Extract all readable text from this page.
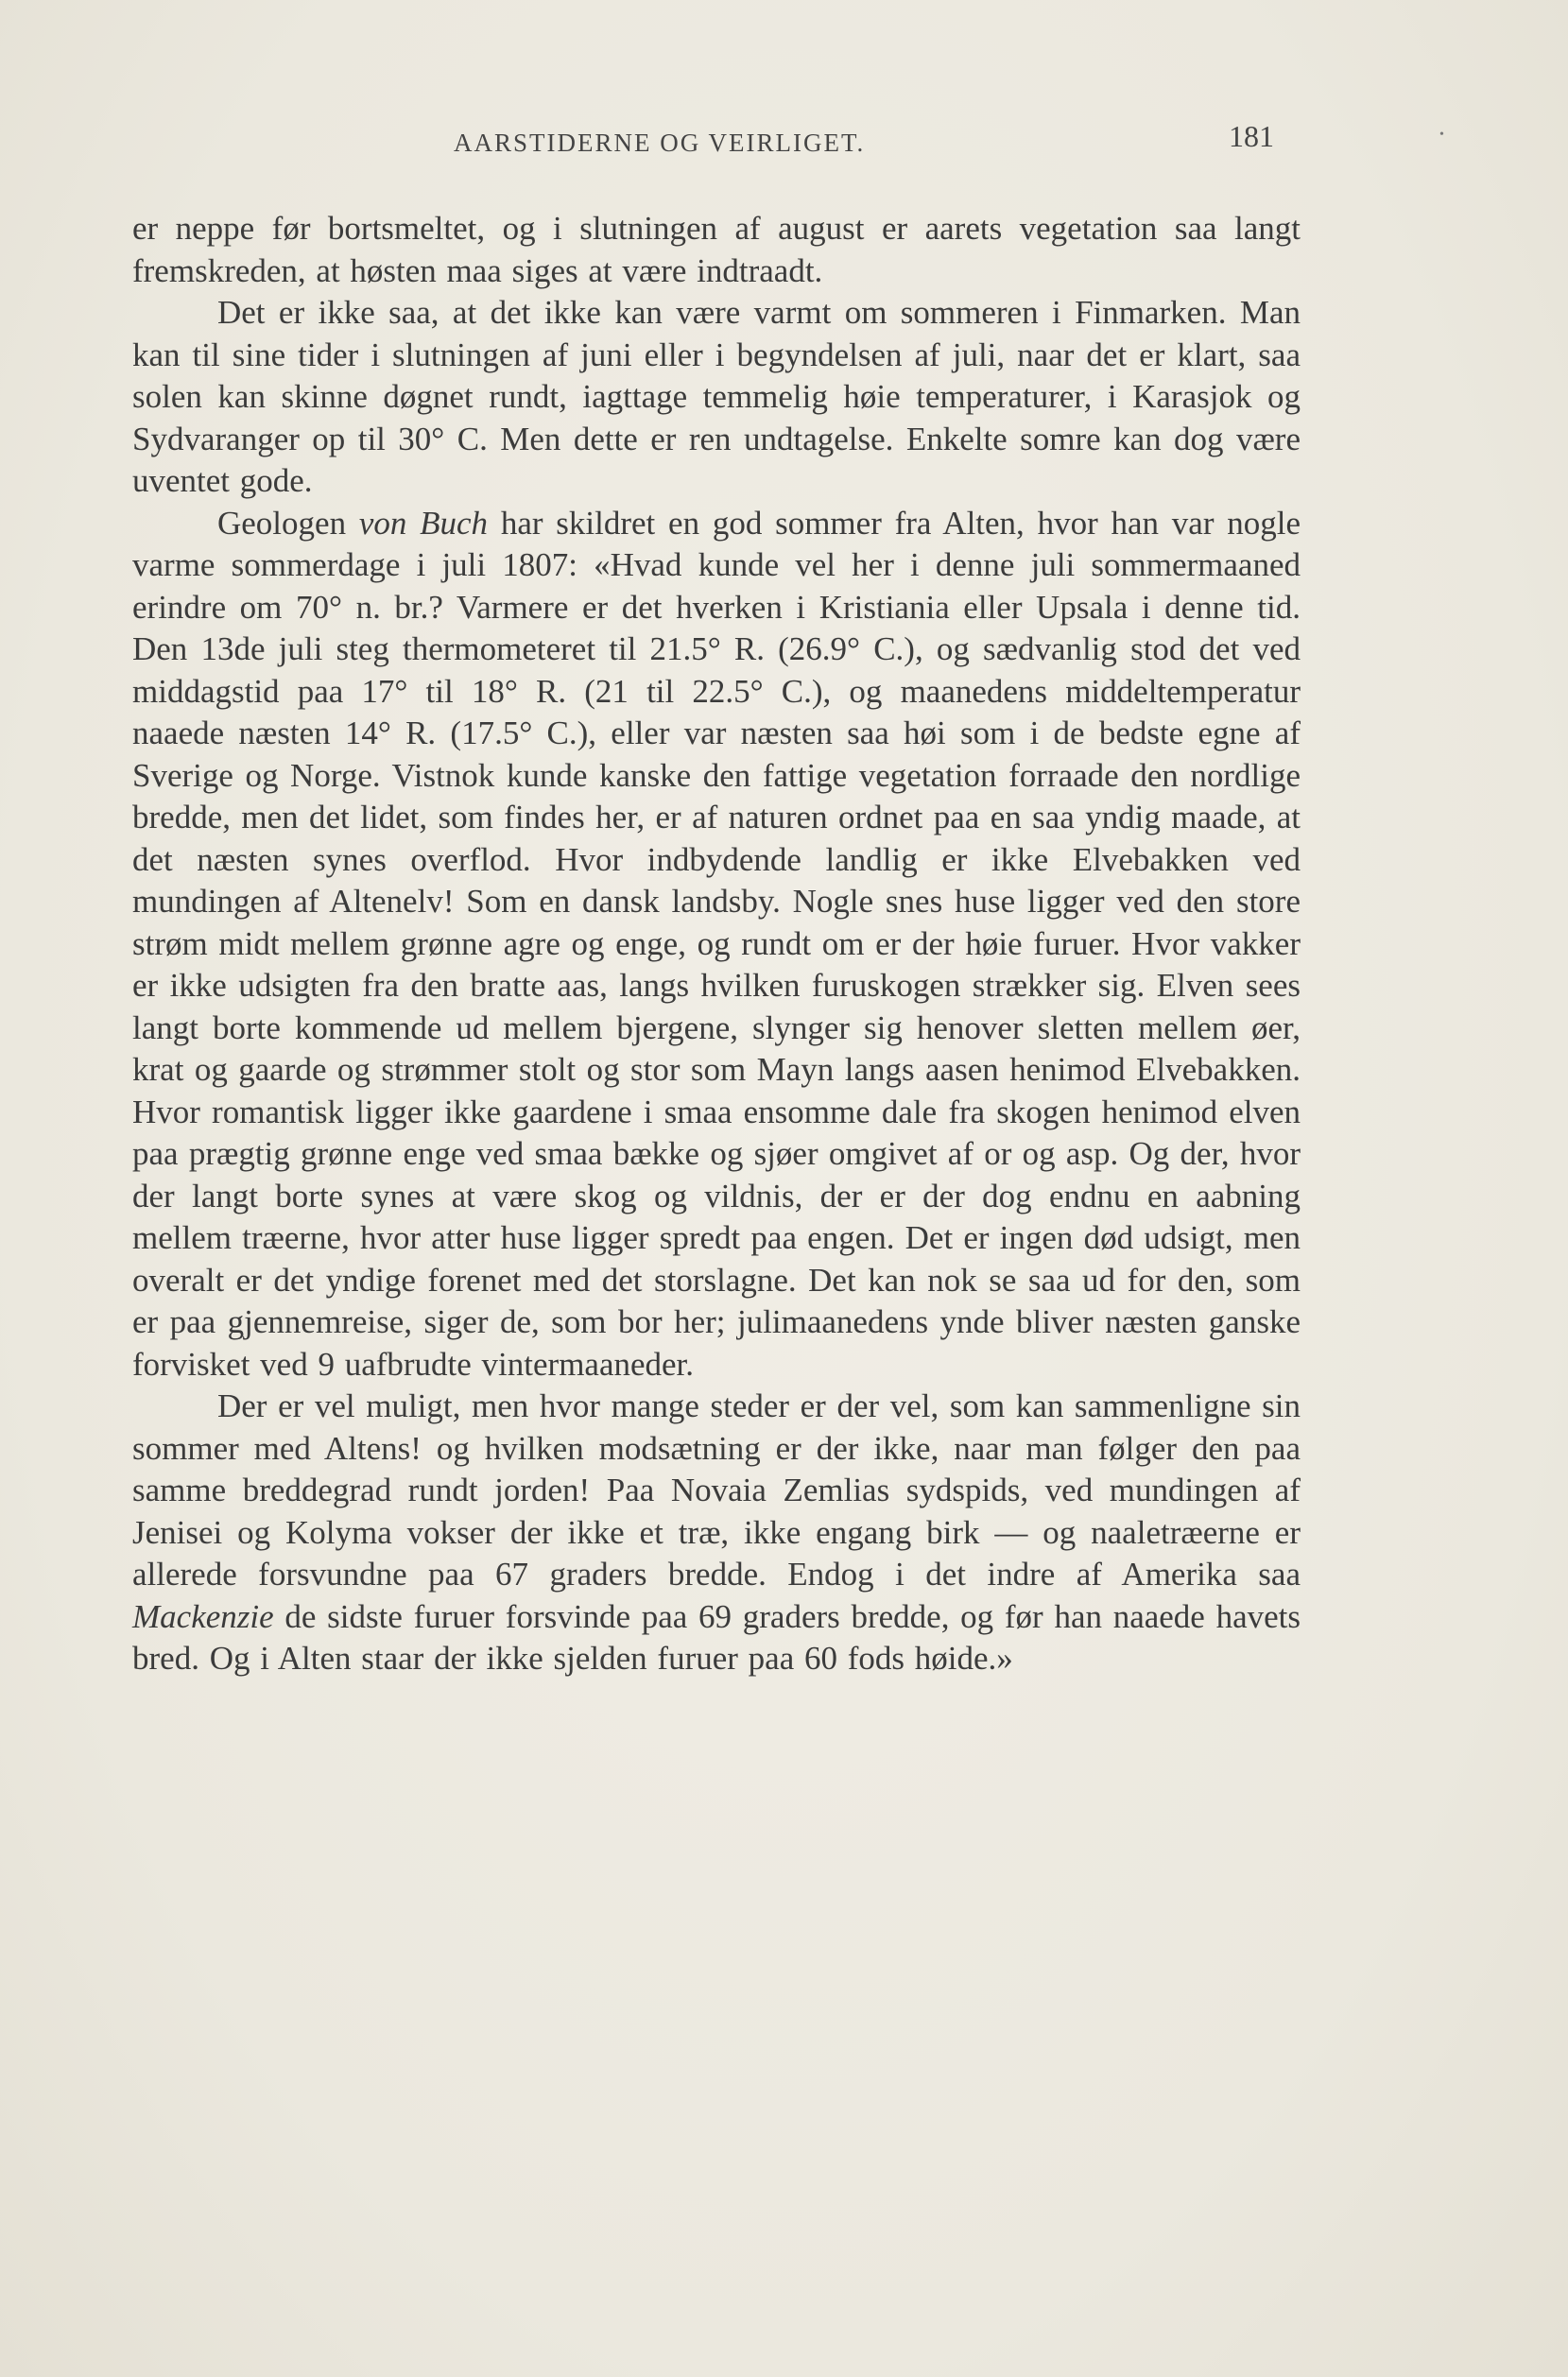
AARSTIDERNE OG VEIRLIGET.	181	•

er neppe før bortsmeltet, og i slutningen af august er aarets vegetation saa langt fremskreden, at høsten maa siges at være indtraadt.

Det er ikke saa, at det ikke kan være varmt om sommeren i Finmarken. Man kan til sine tider i slutningen af juni eller i begyndelsen af juli, naar det er klart, saa solen kan skinne døgnet rundt, iagttage temmelig høie temperaturer, i Karasjok og Sydvaranger op til 30° C. Men dette er ren undtagelse. Enkelte somre kan dog være uventet gode.

Geologen von Buch har skildret en god sommer fra Alten, hvor han var nogle varme sommerdage i juli 1807: «Hvad kunde vel her i denne juli sommermaaned erindre om 70° n. br.? Varmere er det hverken i Kristiania eller Upsala i denne tid. Den 13de juli steg thermometeret til 21.5° R. (26.9° C.), og sædvanlig stod det ved middagstid paa 17° til 18° R. (21 til 22.5° C.), og maanedens middeltemperatur naaede næsten 14° R. (17.5° C.), eller var næsten saa høi som i de bedste egne af Sverige og Norge. Vistnok kunde kanske den fattige vegetation forraade den nordlige bredde, men det lidet, som findes her, er af naturen ordnet paa en saa yndig maade, at det næsten synes overflod. Hvor indbydende landlig er ikke Elvebakken ved mundingen af Altenelv! Som en dansk landsby. Nogle snes huse ligger ved den store strøm midt mellem grønne agre og enge, og rundt om er der høie furuer. Hvor vakker er ikke udsigten fra den bratte aas, langs hvilken furuskogen strækker sig. Elven sees langt borte kommende ud mellem bjergene, slynger sig henover sletten mellem øer, krat og gaarde og strømmer stolt og stor som Mayn langs aasen henimod Elvebakken. Hvor romantisk ligger ikke gaardene i smaa ensomme dale fra skogen henimod elven paa prægtig grønne enge ved smaa bække og sjøer omgivet af or og asp. Og der, hvor der langt borte synes at være skog og vildnis, der er der dog endnu en aabning mellem træerne, hvor atter huse ligger spredt paa engen. Det er ingen død udsigt, men overalt er det yndige forenet med det storslagne. Det kan nok se saa ud for den, som er paa gjennemreise, siger de, som bor her; julimaanedens ynde bliver næsten ganske forvisket ved 9 uafbrudte vintermaaneder.

Der er vel muligt, men hvor mange steder er der vel, som kan sammenligne sin sommer med Altens! og hvilken modsætning er der ikke, naar man følger den paa samme breddegrad rundt jorden! Paa Novaia Zemlias sydspids, ved mundingen af Jenisei og Kolyma vokser der ikke et træ, ikke engang birk — og naaletræerne er allerede forsvundne paa 67 graders bredde. Endog i det indre af Amerika saa Mackenzie de sidste furuer forsvinde paa 69 graders bredde, og før han naaede havets bred. Og i Alten staar der ikke sjelden furuer paa 60 fods høide.»
